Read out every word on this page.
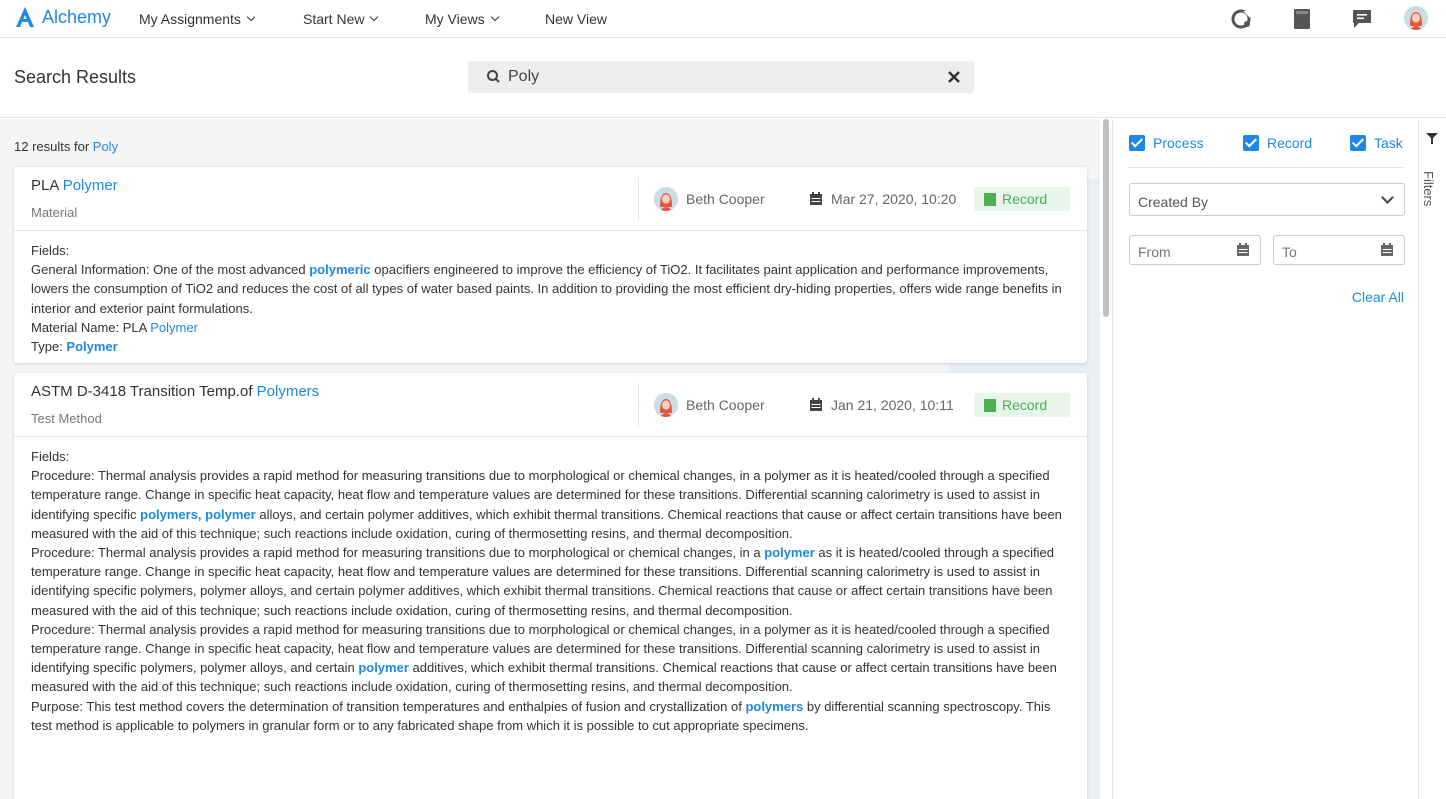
Alchemy My Assignments	Start New	My Views	New View
Search Results
Poly
12 results for Poly
PLA Polymer
Material
Beth Cooper	Mar 27, 2020, 10:20	Record
Fields:
General Information: One of the most advanced polymeric opacifiers engineered to improve the efficiency of TiO2. It facilitates paint application and performance improvements, lowers the consumption of TiO2 and reduces the cost of all types of water based paints. In addition to providing the most efficient dry-hiding properties, offers wide range benefits in interior and exterior paint formulations.
Material Name: PLA Polymer
Type: Polymer
ASTM D-3418 Transition Temp.of Polymers
Test Method
Beth Cooper	Jan 21, 2020, 10:11	Record
Fields:
Procedure: Thermal analysis provides a rapid method for measuring transitions due to morphological or chemical changes, in a polymer as it is heated/cooled through a specified temperature range. Change in specific heat capacity, heat flow and temperature values are determined for these transitions. Differential scanning calorimetry is used to assist in identifying specific polymers, polymer alloys, and certain polymer additives, which exhibit thermal transitions. Chemical reactions that cause or affect certain transitions have been measured with the aid of this technique; such reactions include oxidation, curing of thermosetting resins, and thermal decomposition.
Procedure: Thermal analysis provides a rapid method for measuring transitions due to morphological or chemical changes, in a polymer as it is heated/cooled through a specified temperature range. Change in specific heat capacity, heat flow and temperature values are determined for these transitions. Differential scanning calorimetry is used to assist in identifying specific polymers, polymer alloys, and certain polymer additives, which exhibit thermal transitions. Chemical reactions that cause or affect certain transitions have been measured with the aid of this technique; such reactions include oxidation, curing of thermosetting resins, and thermal decomposition.
Procedure: Thermal analysis provides a rapid method for measuring transitions due to morphological or chemical changes, in a polymer as it is heated/cooled through a specified temperature range. Change in specific heat capacity, heat flow and temperature values are determined for these transitions. Differential scanning calorimetry is used to assist in identifying specific polymers, polymer alloys, and certain polymer additives, which exhibit thermal transitions. Chemical reactions that cause or affect certain transitions have been measured with the aid of this technique; such reactions include oxidation, curing of thermosetting resins, and thermal decomposition.
Purpose: This test method covers the determination of transition temperatures and enthalpies of fusion and crystallization of polymers by differential scanning spectroscopy. This test method is applicable to polymers in granular form or to any fabricated shape from which it is possible to cut appropriate specimens.
Process	Record	Task
Created By
From	To
Clear All
Filters
